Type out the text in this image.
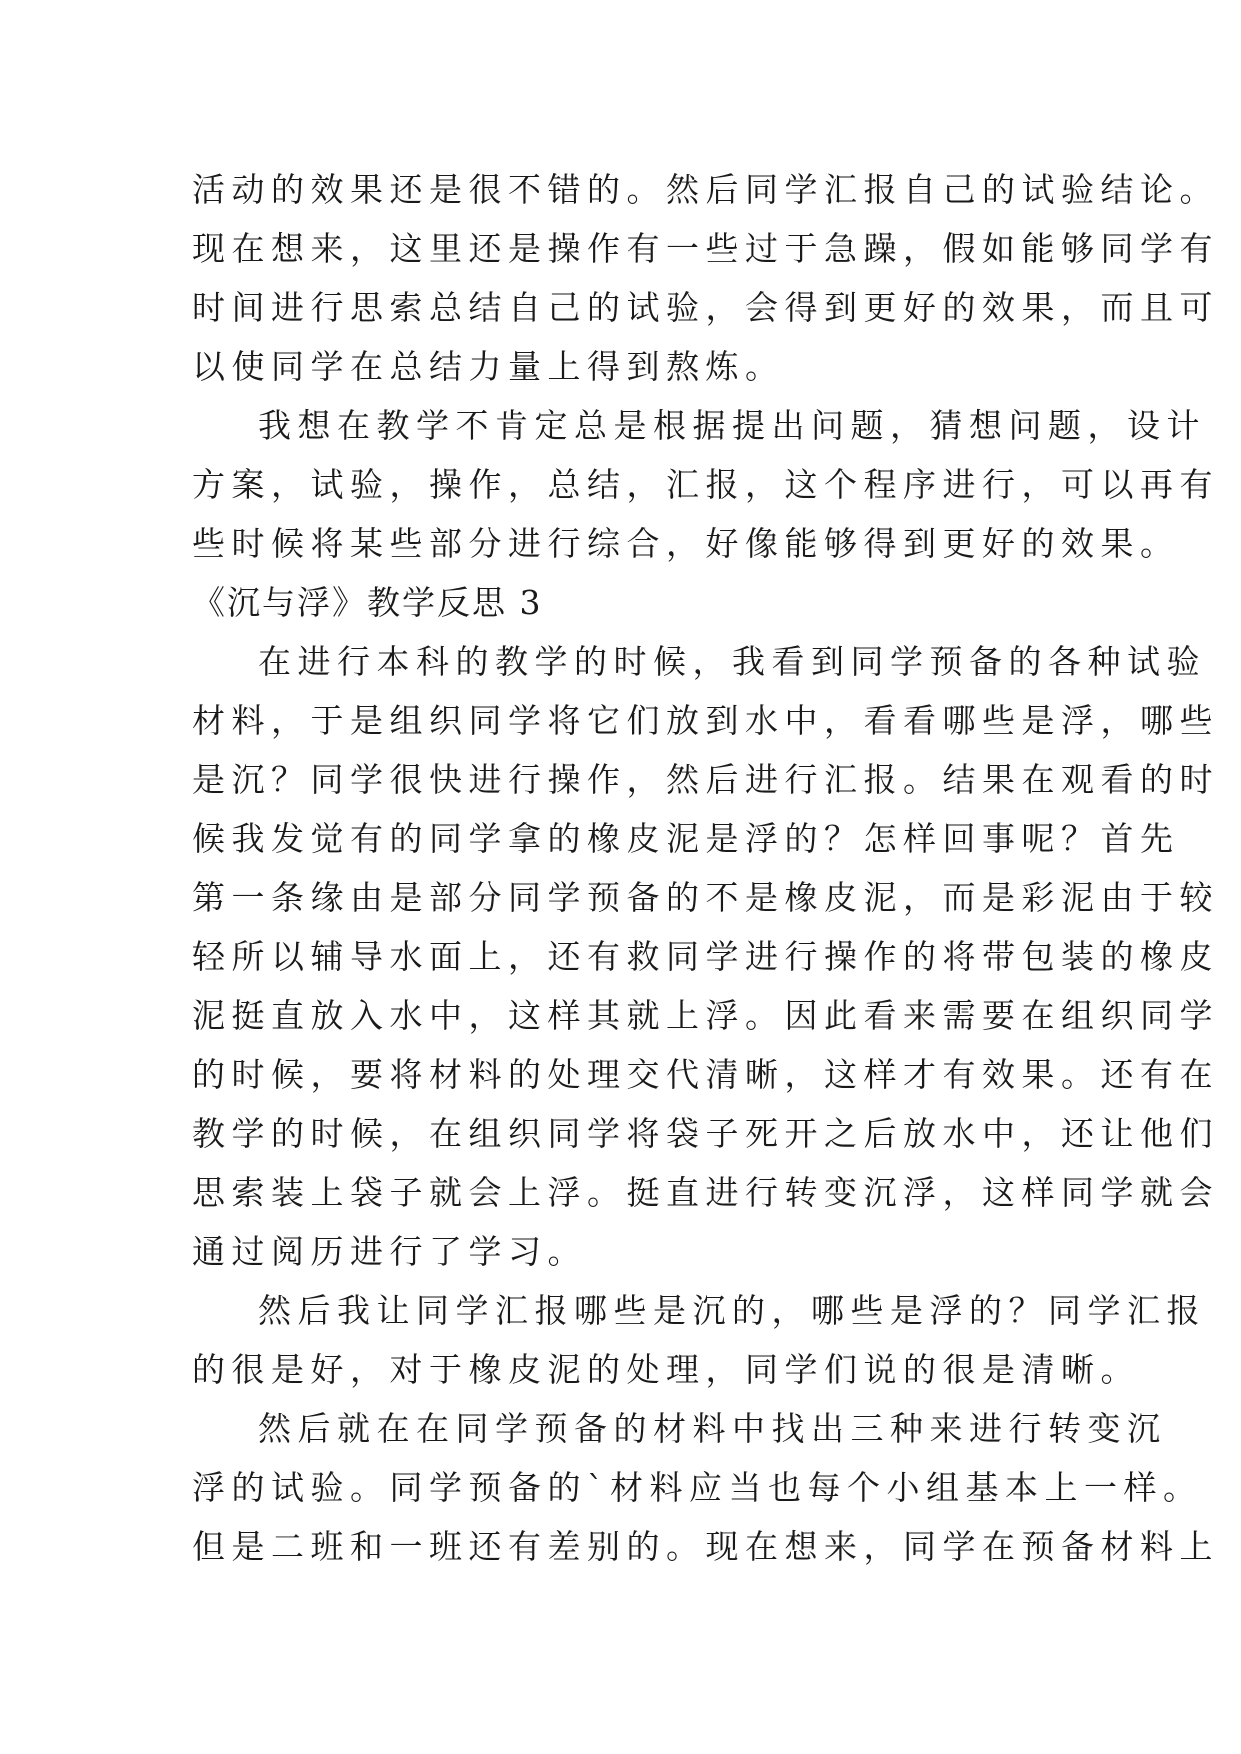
活动的效果还是很不错的。然后同学汇报自己的试验结论。
现在想来，这里还是操作有一些过于急躁，假如能够同学有
时间进行思索总结自己的试验，会得到更好的效果，而且可
以使同学在总结力量上得到熬炼。
我想在教学不肯定总是根据提出问题，猜想问题，设计
方案，试验，操作，总结，汇报，这个程序进行，可以再有
些时候将某些部分进行综合，好像能够得到更好的效果。
《沉与浮》教学反思 3
在进行本科的教学的时候，我看到同学预备的各种试验
材料，于是组织同学将它们放到水中，看看哪些是浮，哪些
是沉？同学很快进行操作，然后进行汇报。结果在观看的时
候我发觉有的同学拿的橡皮泥是浮的？怎样回事呢？首先
第一条缘由是部分同学预备的不是橡皮泥，而是彩泥由于较
轻所以辅导水面上，还有救同学进行操作的将带包装的橡皮
泥挺直放入水中，这样其就上浮。因此看来需要在组织同学
的时候，要将材料的处理交代清晰，这样才有效果。还有在
教学的时候，在组织同学将袋子死开之后放水中，还让他们
思索装上袋子就会上浮。挺直进行转变沉浮，这样同学就会
通过阅历进行了学习。
然后我让同学汇报哪些是沉的，哪些是浮的？同学汇报
的很是好，对于橡皮泥的处理，同学们说的很是清晰。
然后就在在同学预备的材料中找出三种来进行转变沉
浮的试验。同学预备的`材料应当也每个小组基本上一样。
但是二班和一班还有差别的。现在想来，同学在预备材料上
